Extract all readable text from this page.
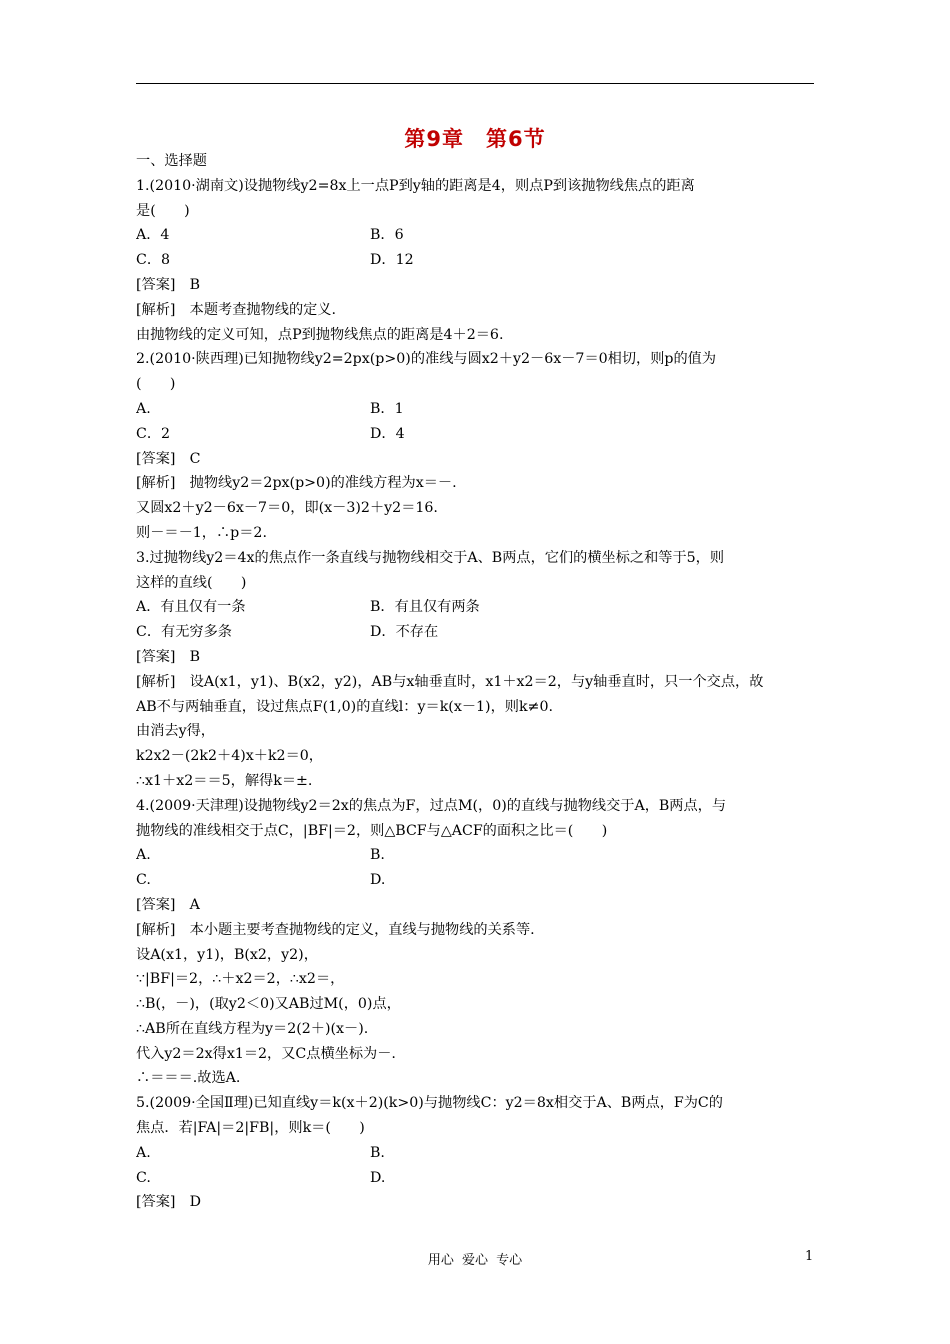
第9章　第6节
一、选择题
1.(2010·湖南文)设抛物线y2=8x上一点P到y轴的距离是4，则点P到该抛物线焦点的距离
是(　　)
A．4	B．6
C．8	D．12
[答案]　B
[解析]　本题考查抛物线的定义.
由抛物线的定义可知，点P到抛物线焦点的距离是4＋2＝6.
2.(2010·陕西理)已知抛物线y2=2px(p>0)的准线与圆x2＋y2－6x－7＝0相切，则p的值为
(　　)
A.	B．1
C．2	D．4
[答案]　C
[解析]　抛物线y2＝2px(p>0)的准线方程为x＝－.
又圆x2＋y2－6x－7＝0，即(x－3)2＋y2＝16.
则－＝－1，∴p＝2.
3.过抛物线y2＝4x的焦点作一条直线与抛物线相交于A、B两点，它们的横坐标之和等于5，则
这样的直线(　　)
A．有且仅有一条	B．有且仅有两条
C．有无穷多条	D．不存在
[答案]　B
[解析]　设A(x1，y1)、B(x2，y2)，AB与x轴垂直时，x1＋x2＝2，与y轴垂直时，只一个交点，故
AB不与两轴垂直，设过焦点F(1,0)的直线l：y＝k(x－1)，则k≠0.
由消去y得，
k2x2－(2k2＋4)x＋k2＝0，
∴x1＋x2＝＝5，解得k＝±.
4.(2009·天津理)设抛物线y2＝2x的焦点为F，过点M(，0)的直线与抛物线交于A，B两点，与
抛物线的准线相交于点C，|BF|＝2，则△BCF与△ACF的面积之比＝(　　)
A.	B.
C.	D.
[答案]　A
[解析]　本小题主要考查抛物线的定义，直线与抛物线的关系等.
设A(x1，y1)，B(x2，y2)，
∵|BF|＝2，∴＋x2＝2，∴x2＝，
∴B(，－)，(取y2＜0)又AB过M(，0)点，
∴AB所在直线方程为y＝2(2＋)(x－).
代入y2＝2x得x1＝2，又C点横坐标为－.
∴＝＝＝.故选A.
5.(2009·全国Ⅱ理)已知直线y＝k(x＋2)(k>0)与抛物线C：y2＝8x相交于A、B两点，F为C的
焦点．若|FA|＝2|FB|，则k＝(　　)
A.	B.
C.	D.
[答案]　D
用心 爱心 专心	1
